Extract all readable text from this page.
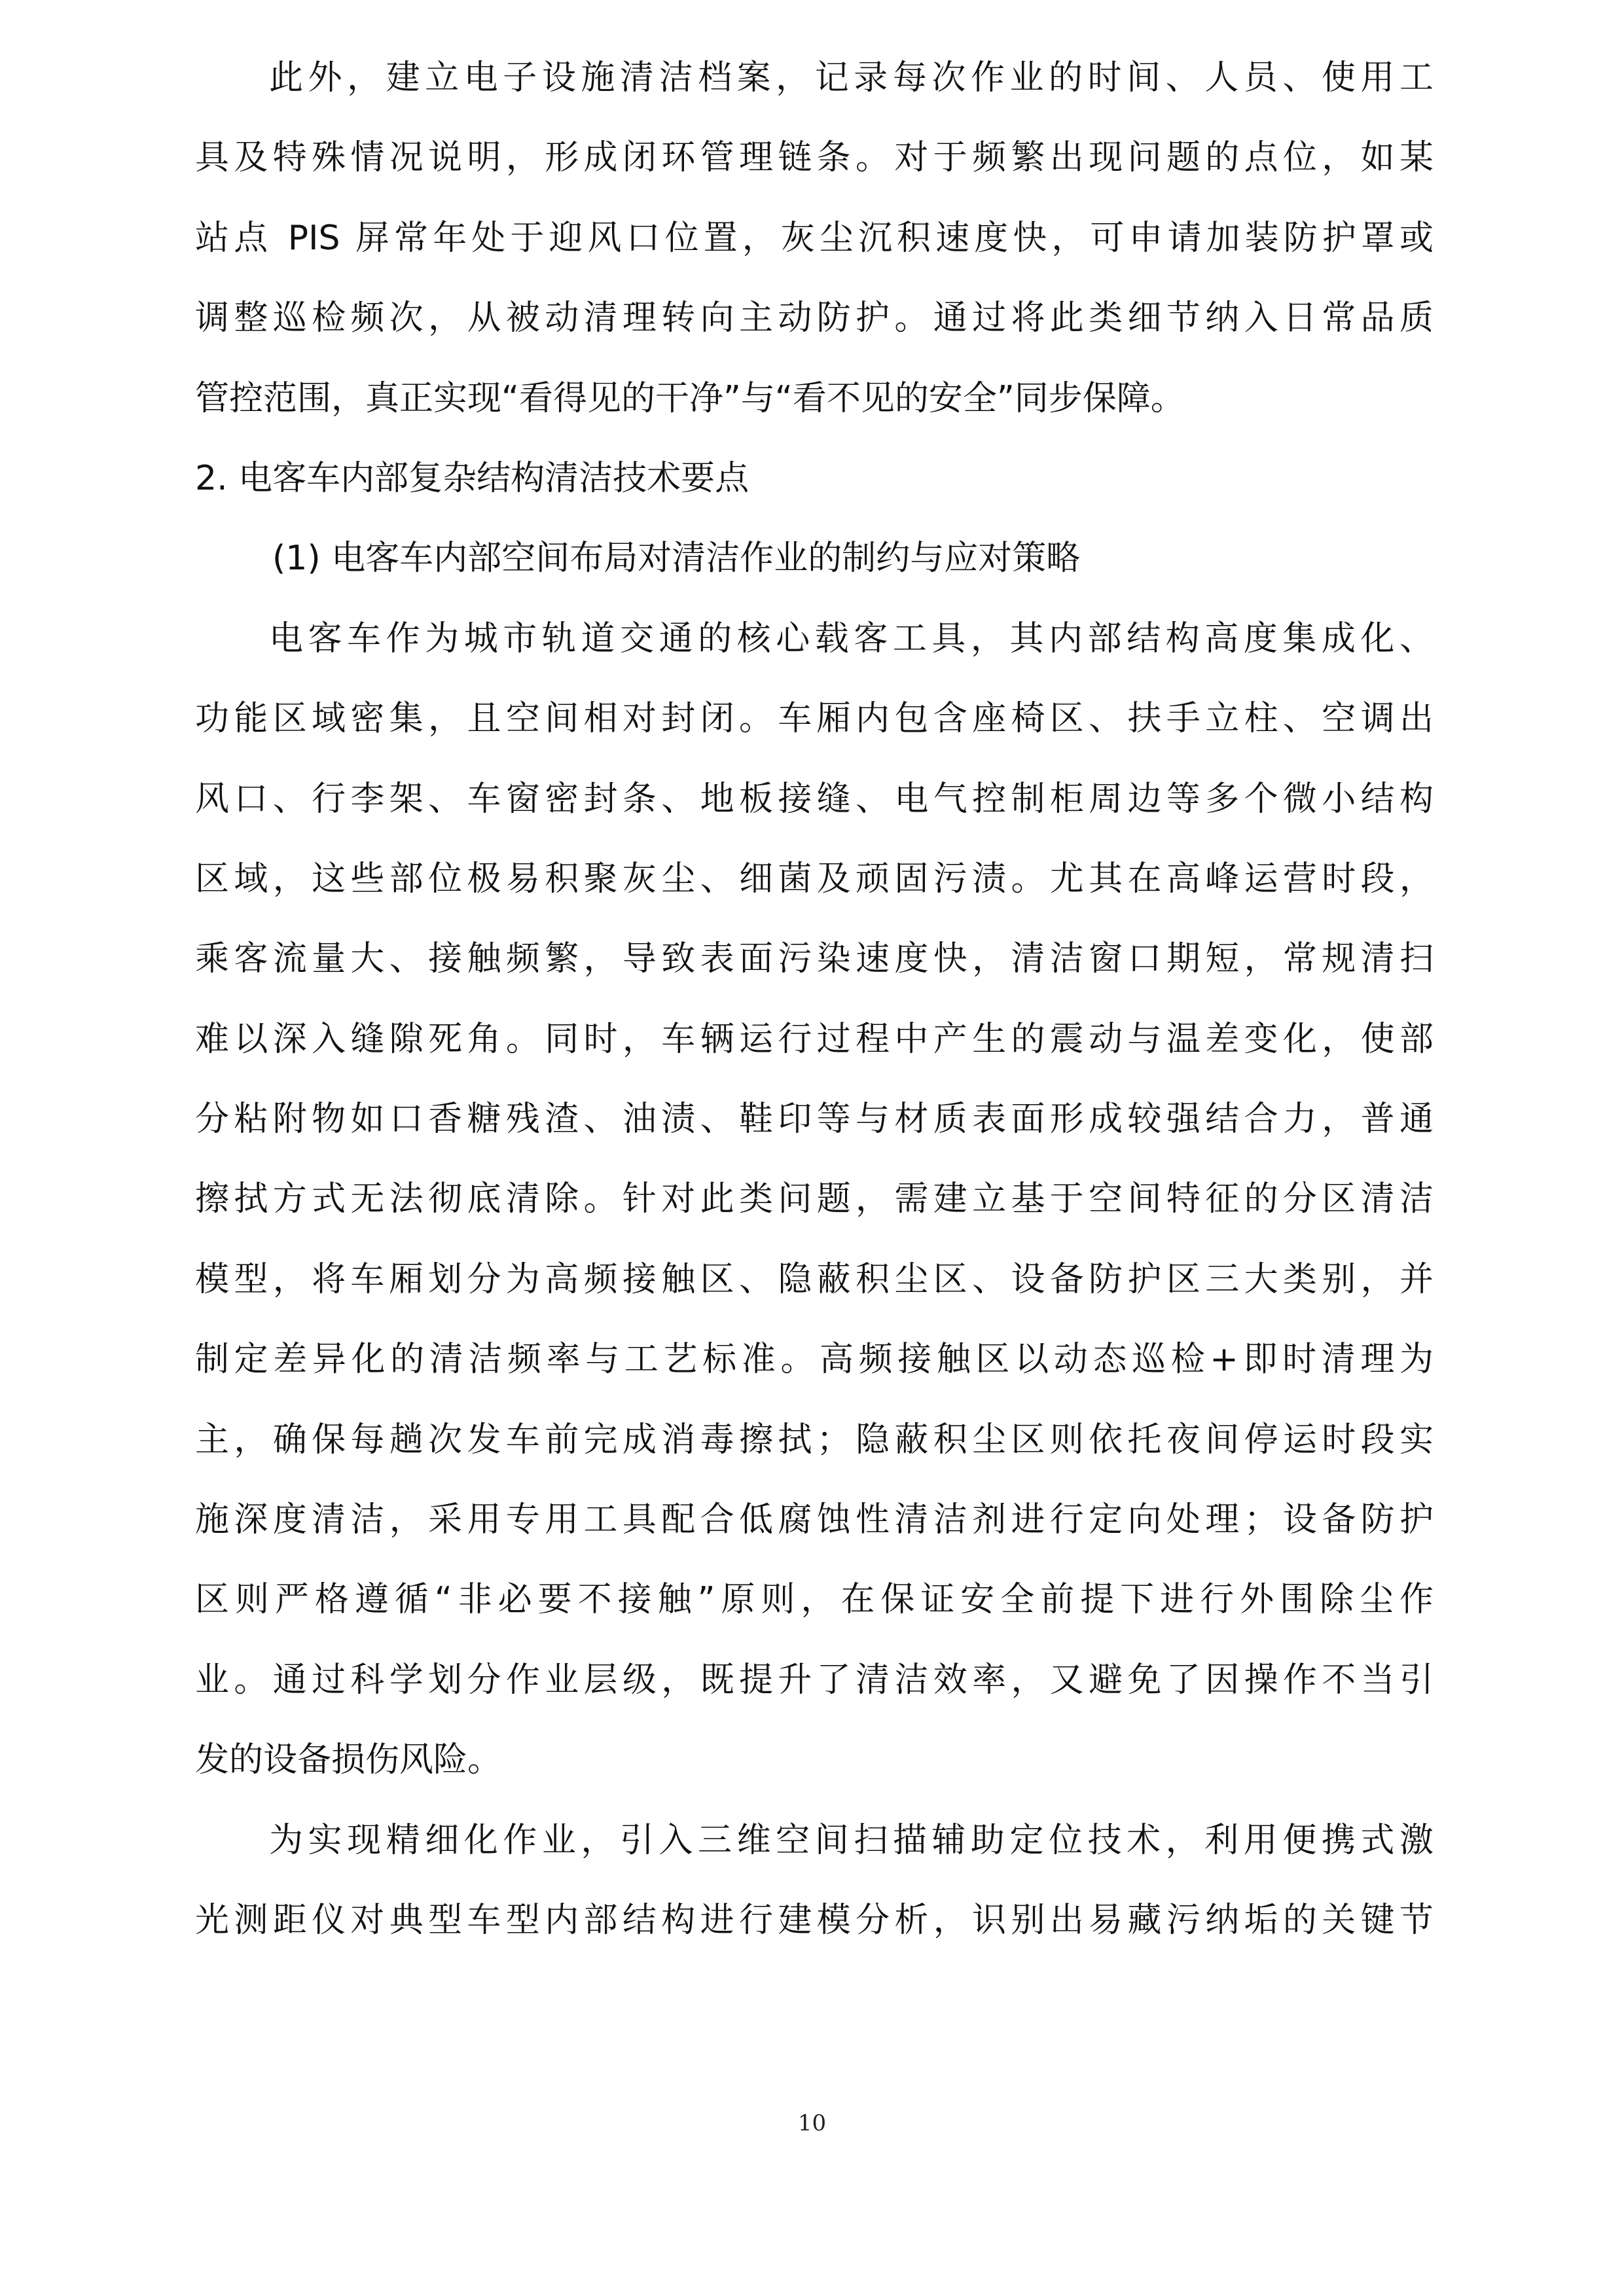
此外，建立电子设施清洁档案，记录每次作业的时间、人员、使用工
具及特殊情况说明，形成闭环管理链条。对于频繁出现问题的点位，如某
站点 PIS 屏常年处于迎风口位置，灰尘沉积速度快，可申请加装防护罩或
调整巡检频次，从被动清理转向主动防护。通过将此类细节纳入日常品质
管控范围，真正实现“看得见的干净”与“看不见的安全”同步保障。
2. 电客车内部复杂结构清洁技术要点
(1) 电客车内部空间布局对清洁作业的制约与应对策略
电客车作为城市轨道交通的核心载客工具，其内部结构高度集成化、
功能区域密集，且空间相对封闭。车厢内包含座椅区、扶手立柱、空调出
风口、行李架、车窗密封条、地板接缝、电气控制柜周边等多个微小结构
区域，这些部位极易积聚灰尘、细菌及顽固污渍。尤其在高峰运营时段，
乘客流量大、接触频繁，导致表面污染速度快，清洁窗口期短，常规清扫
难以深入缝隙死角。同时，车辆运行过程中产生的震动与温差变化，使部
分粘附物如口香糖残渣、油渍、鞋印等与材质表面形成较强结合力，普通
擦拭方式无法彻底清除。针对此类问题，需建立基于空间特征的分区清洁
模型，将车厢划分为高频接触区、隐蔽积尘区、设备防护区三大类别，并
制定差异化的清洁频率与工艺标准。高频接触区以动态巡检+即时清理为
主，确保每趟次发车前完成消毒擦拭；隐蔽积尘区则依托夜间停运时段实
施深度清洁，采用专用工具配合低腐蚀性清洁剂进行定向处理；设备防护
区则严格遵循“非必要不接触”原则，在保证安全前提下进行外围除尘作
业。通过科学划分作业层级，既提升了清洁效率，又避免了因操作不当引
发的设备损伤风险。
为实现精细化作业，引入三维空间扫描辅助定位技术，利用便携式激
光测距仪对典型车型内部结构进行建模分析，识别出易藏污纳垢的关键节
10
